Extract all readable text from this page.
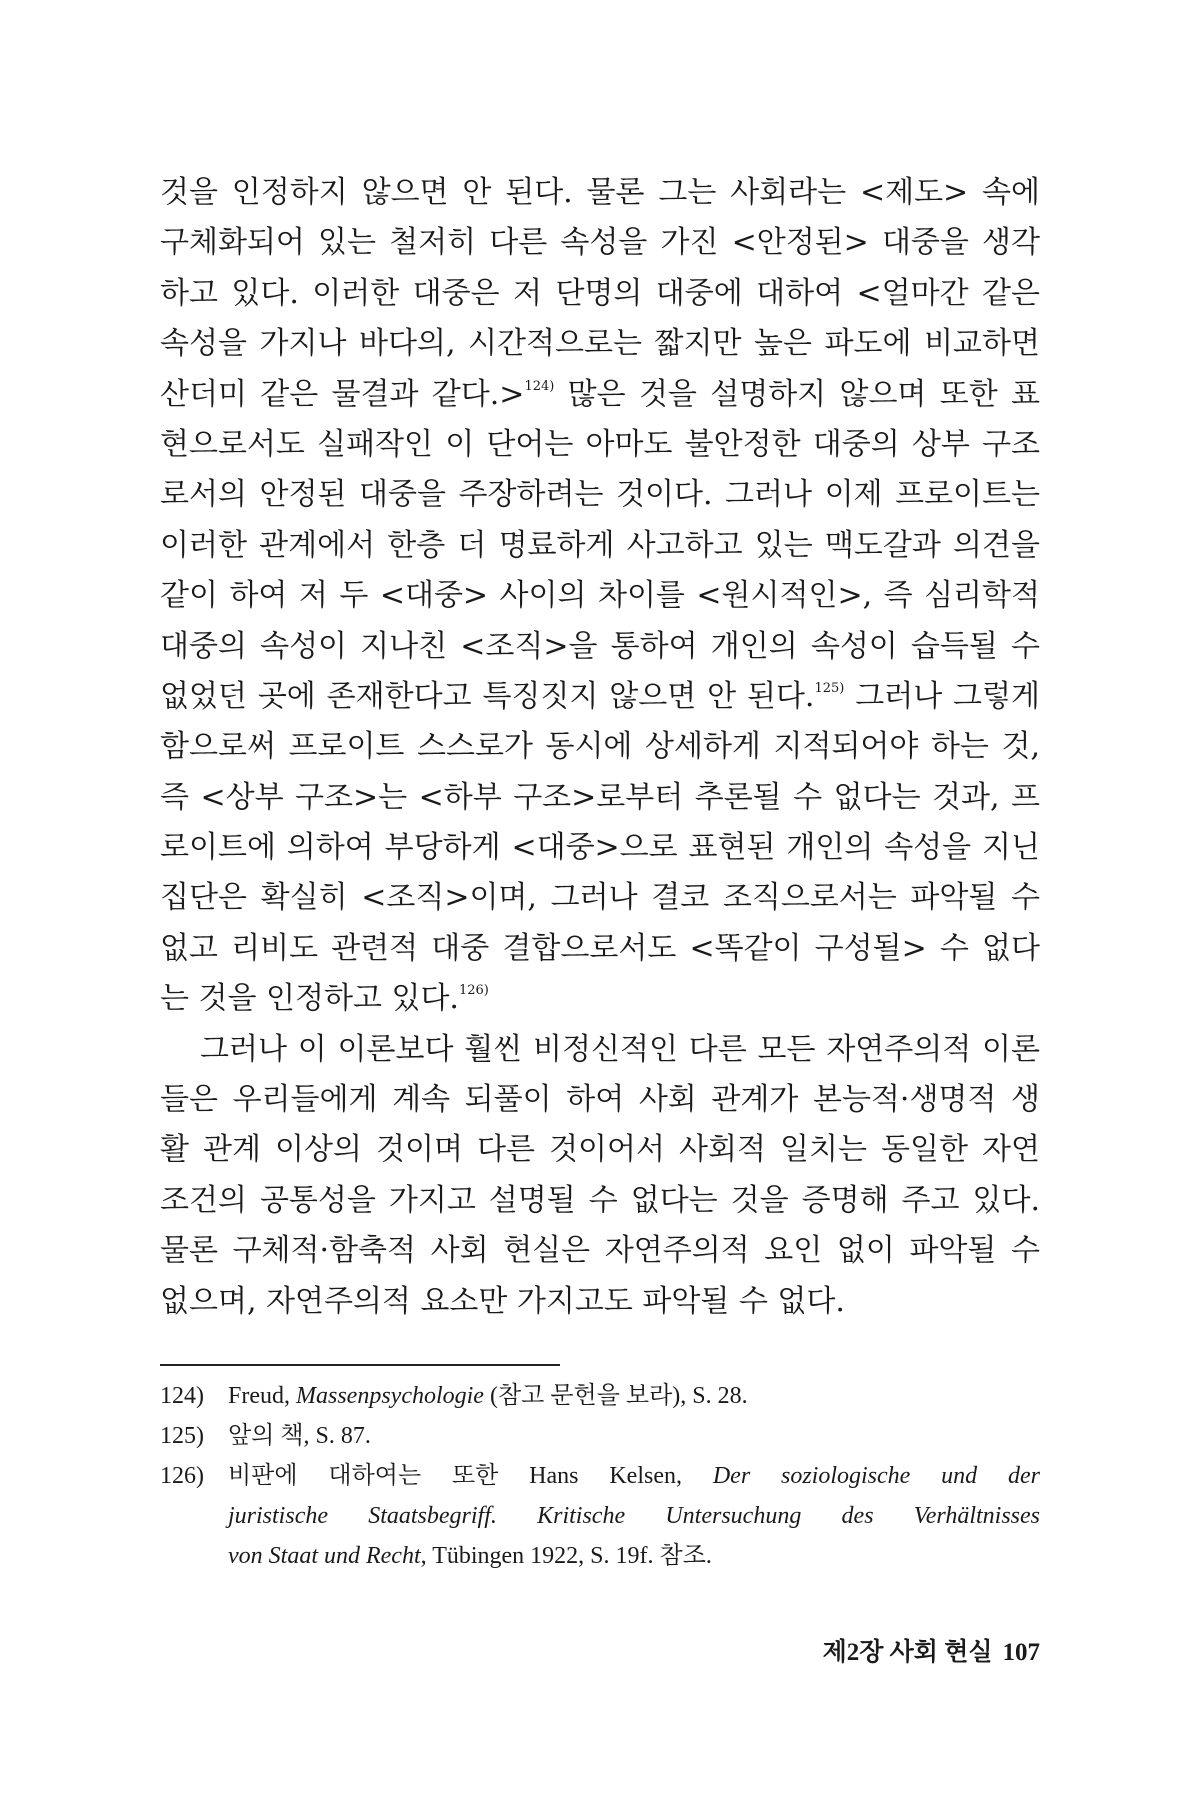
것을 인정하지 않으면 안 된다. 물론 그는 사회라는 <제도> 속에
구체화되어 있는 철저히 다른 속성을 가진 <안정된> 대중을 생각
하고 있다. 이러한 대중은 저 단명의 대중에 대하여 <얼마간 같은
속성을 가지나 바다의, 시간적으로는 짧지만 높은 파도에 비교하면
산더미 같은 물결과 같다.>$^{124)}$ 많은 것을 설명하지 않으며 또한 표
현으로서도 실패작인 이 단어는 아마도 불안정한 대중의 상부 구조
로서의 안정된 대중을 주장하려는 것이다. 그러나 이제 프로이트는
이러한 관계에서 한층 더 명료하게 사고하고 있는 맥도갈과 의견을
같이 하여 저 두 <대중> 사이의 차이를 <원시적인>, 즉 심리학적
대중의 속성이 지나친 <조직>을 통하여 개인의 속성이 습득될 수
없었던 곳에 존재한다고 특징짓지 않으면 안 된다.$^{125)}$ 그러나 그렇게
함으로써 프로이트 스스로가 동시에 상세하게 지적되어야 하는 것,
즉 <상부 구조>는 <하부 구조>로부터 추론될 수 없다는 것과, 프
로이트에 의하여 부당하게 <대중>으로 표현된 개인의 속성을 지닌
집단은 확실히 <조직>이며, 그러나 결코 조직으로서는 파악될 수
없고 리비도 관련적 대중 결합으로서도 <똑같이 구성될> 수 없다
는 것을 인정하고 있다.$^{126)}$
그러나 이 이론보다 훨씬 비정신적인 다른 모든 자연주의적 이론
들은 우리들에게 계속 되풀이 하여 사회 관계가 본능적·생명적 생
활 관계 이상의 것이며 다른 것이어서 사회적 일치는 동일한 자연
조건의 공통성을 가지고 설명될 수 없다는 것을 증명해 주고 있다.
물론 구체적·함축적 사회 현실은 자연주의적 요인 없이 파악될 수
없으며, 자연주의적 요소만 가지고도 파악될 수 없다.
124) Freud, Massenpsychologie (참고 문헌을 보라), S. 28.
125) 앞의 책, S. 87.
126) 비판에 대하여는 또한 Hans Kelsen, Der soziologische und der
juristische Staatsbegriff. Kritische Untersuchung des Verhältnisses
von Staat und Recht, Tübingen 1922, S. 19f. 참조.
제2장 사회 현실 107
